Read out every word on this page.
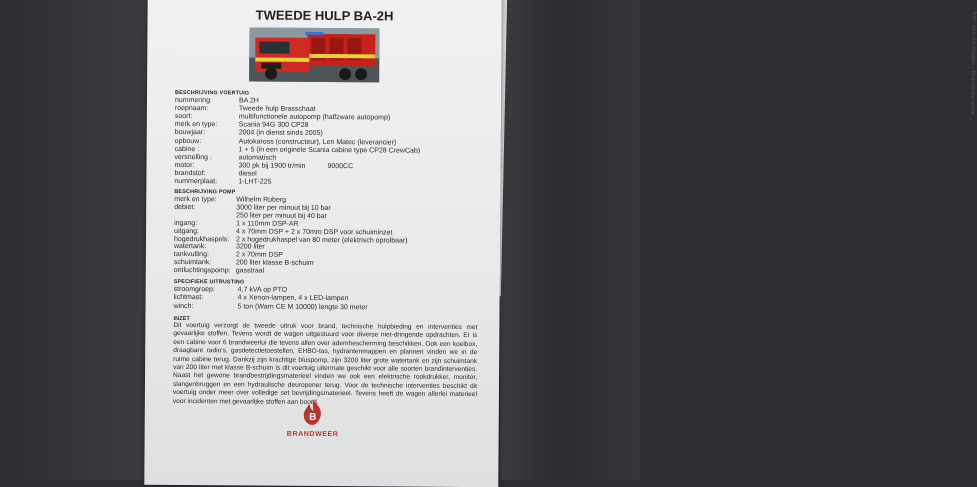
hier aan de wagen - Brandweerzone...
TWEEDE HULP BA-2H
BESCHRIJVING VOERTUIG
nummering:	BA 2H
roepnaam:	Tweede hulp Brasschaat
soort:	multifunctionele autopomp (halfzware autopomp)
merk en type:	Scania 94G 300 CP28
bouwjaar:	2004 (in dienst sinds 2005)
opbouw:	Autokaross (constructeur), Len Matec (leverancier)
cabine :	1 + 5 (in een originele Scania cabine type CP28 CrewCab)
versnelling :	automatisch
motor:	300 pk bij 1900 tr/min	9000CC
brandstof:	diesel
nummerplaat:	1-LHT-225
BESCHRIJVING POMP
merk en type:	Wilhelm Ruberg
debiet:	3000 liter per minuut bij 10 bar
250 liter per minuut bij 40 bar
ingang:	1 x 110mm DSP-AR
uitgang:	4 x 70mm DSP + 2 x 70mm DSP voor schuiminzet
hogedrukhaspels: 2 x hogedrukhaspel van 80 meter (elektrisch oprolbaar)
watertank:	3200 liter
tankvulling:	2 x 70mm DSP
schuimtank:	200 liter klasse B-schuim
ontluchtingspomp: gasstraal
SPECIFIEKE UITRUSTING
stroomgroep:	4,7 kVA op PTO
lichtmast:	4 x Xenon-lampen, 4 x LED-lampen
winch:	5 ton (Warn CE M 10000) lengte 30 meter
INZET
Dit voertuig verzorgt de tweede uitruk voor brand, technische hulpbieding en interventies met gevaarlijke stoffen. Tevens wordt de wagen uitgestuurd voor diverse niet-dringende opdrachten. Er is een cabine voor 6 brandweerlui die tevens allen over ademhescherming beschikken. Ook een koelbox, draagbare radio's, gasdetectietoestellen, EHBO-tas, hydrantenmappen en plannen vinden we in de ruime cabine terug. Dankzij zijn krachtige bluspomp, zijn 3200 liter grote watertank en zijn schuimtank van 200 liter met klasse B-schuim is dit voertuig uitermate geschikt voor alle soorten brandinterventies. Naast het gewone brandbestrijdingsmaterieel vinden we ook een elektrische rookdrukker, monitor, slangenbruggen en een hydraulische deuropener terug. Voor de technische interventies beschikt dit voertuig onder meer over volledige set bevrijdingsmaterieel. Tevens heeft de wagen allerlei materieel voor incidenten met gevaarlijke stoffen aan boord.
B
BRANDWEER
